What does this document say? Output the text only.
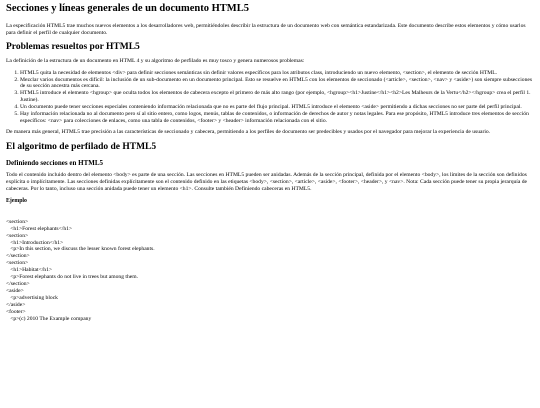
Secciones y líneas generales de un documento HTML5

La especificación HTML5 trae muchos nuevos elementos a los desarrolladores web, permitiéndoles describir la estructura de un documento web con semántica estandarizada. Este documento describe estos elementos y cómo usarlos para definir el perfil de cualquier documento.

Problemas resueltos por HTML5

La definición de la estructura de un documento en HTML 4 y su algoritmo de perfilado es muy tosco y genera numerosos problemas:

1. HTML5 quita la necesidad de elementos <div> para definir secciones semánticas sin definir valores específicos para los atributos class, introduciendo un nuevo elemento, <section>, el elemento de sección HTML.
2. Mezclar varios documentos es difícil: la inclusión de un sub-documento en un documento principal. Esto se resuelve en HTML5 con los elementos de seccionado (<article>, <section>, <nav> y <aside>) son siempre subsecciones de su sección ancestra más cercana.
3. HTML5 introduce el elemento <hgroup> que oculta todos los elementos de cabecera excepto el primero de más alto rango (por ejemplo, <hgroup><h1>Justine</h1><h2>Les Malheurs de la Vertu</h2></hgroup> crea el perfil 1. Justine).
4. Un documento puede tener secciones especiales conteniendo información relacionada que no es parte del flujo principal. HTML5 introduce el elemento <aside> permitiendo a dichas secciones no ser parte del perfil principal.
5. Hay información relacionada no al documento pero sí al sitio entero, como logos, menús, tablas de contenidos, o información de derechos de autor y notas legales. Para ese propósito, HTML5 introduce tres elementos de sección específicos: <nav> para colecciones de enlaces, como una tabla de contenidos, <footer> y <header> información relacionada con el sitio.

De manera más general, HTML5 trae precisión a las características de seccionado y cabecera, permitiendo a los perfiles de documento ser predecibles y usados por el navegador para mejorar la experiencia de usuario.

El algoritmo de perfilado de HTML5
Definiendo secciones en HTML5

Todo el contenido incluido dentro del elemento <body> es parte de una sección. Las secciones en HTML5 pueden ser anidadas. Además de la sección principal, definida por el elemento <body>, los límites de la sección son definidos explícita o implícitamente. Las secciones definidas explícitamente son el contenido definido en las etiquetas <body>, <section>, <article>, <aside>, <footer>, <header>, y <nav>. Nota: Cada sección puede tener su propia jerarquía de cabeceras. Por lo tanto, incluso una sección anidada puede tener un elemento <h1>. Consulte también Definiendo cabeceras en HTML5.

Ejemplo
<section>
<h1>Forest elephants</h1>
<section>
<h1>Introduction</h1>
<p>In this section, we discuss the lesser known forest elephants.
</section>
<section>
<h1>Habitat</h1>
<p>Forest elephants do not live in trees but among them.
</section>
<aside>
<p>advertising block
</aside>
<footer>
<p>(c) 2010 The Example company
